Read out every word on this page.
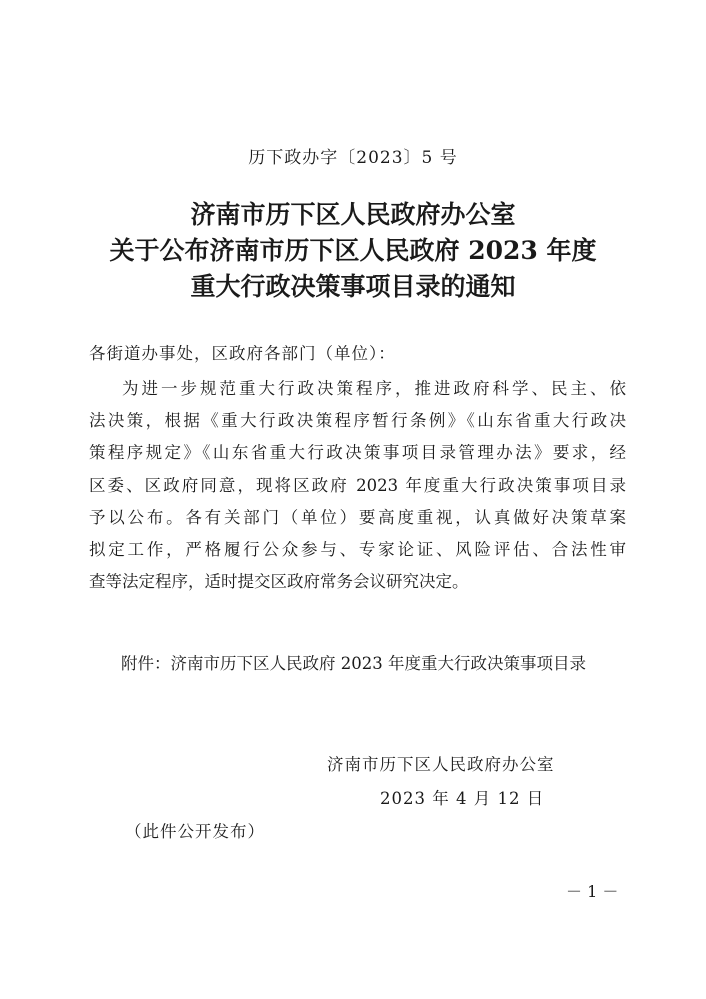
历下政办字〔2023〕5 号
济南市历下区人民政府办公室
关于公布济南市历下区人民政府 2023 年度
重大行政决策事项目录的通知
各街道办事处，区政府各部门（单位）：
为进一步规范重大行政决策程序，推进政府科学、民主、依
法决策，根据《重大行政决策程序暂行条例》《山东省重大行政决
策程序规定》《山东省重大行政决策事项目录管理办法》要求，经
区委、区政府同意，现将区政府 2023 年度重大行政决策事项目录
予以公布。各有关部门（单位）要高度重视，认真做好决策草案
拟定工作，严格履行公众参与、专家论证、风险评估、合法性审
查等法定程序，适时提交区政府常务会议研究决定。
附件：济南市历下区人民政府 2023 年度重大行政决策事项目录
济南市历下区人民政府办公室
2023 年 4 月 12 日
（此件公开发布）
－ 1 －
